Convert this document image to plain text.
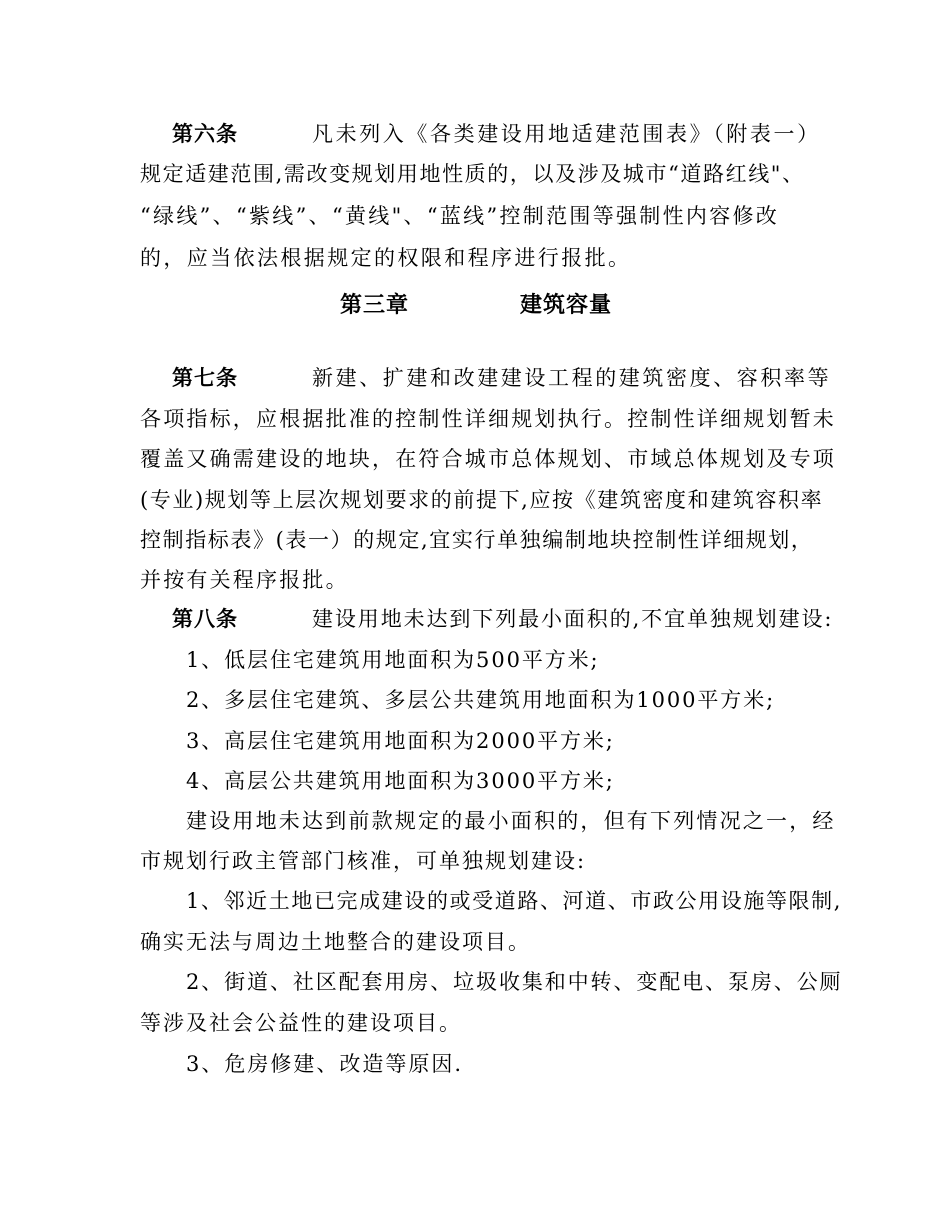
第六条	凡未列入《各类建设用地适建范围表》（附表一）
规定适建范围,需改变规划用地性质的，以及涉及城市“道路红线"、
“绿线”、“紫线”、“黄线"、“蓝线”控制范围等强制性内容修改
的，应当依法根据规定的权限和程序进行报批。
第三章	建筑容量
第七条	新建、扩建和改建建设工程的建筑密度、容积率等
各项指标，应根据批准的控制性详细规划执行。控制性详细规划暂未
覆盖又确需建设的地块，在符合城市总体规划、市域总体规划及专项
(专业)规划等上层次规划要求的前提下,应按《建筑密度和建筑容积率
控制指标表》(表一）的规定,宜实行单独编制地块控制性详细规划，
并按有关程序报批。
第八条	建设用地未达到下列最小面积的,不宜单独规划建设:
1、低层住宅建筑用地面积为500平方米;
2、多层住宅建筑、多层公共建筑用地面积为1000平方米;
3、高层住宅建筑用地面积为2000平方米;
4、高层公共建筑用地面积为3000平方米;
建设用地未达到前款规定的最小面积的，但有下列情况之一，经
市规划行政主管部门核准，可单独规划建设:
1、邻近土地已完成建设的或受道路、河道、市政公用设施等限制,
确实无法与周边土地整合的建设项目。
2、街道、社区配套用房、垃圾收集和中转、变配电、泵房、公厕
等涉及社会公益性的建设项目。
3、危房修建、改造等原因.
